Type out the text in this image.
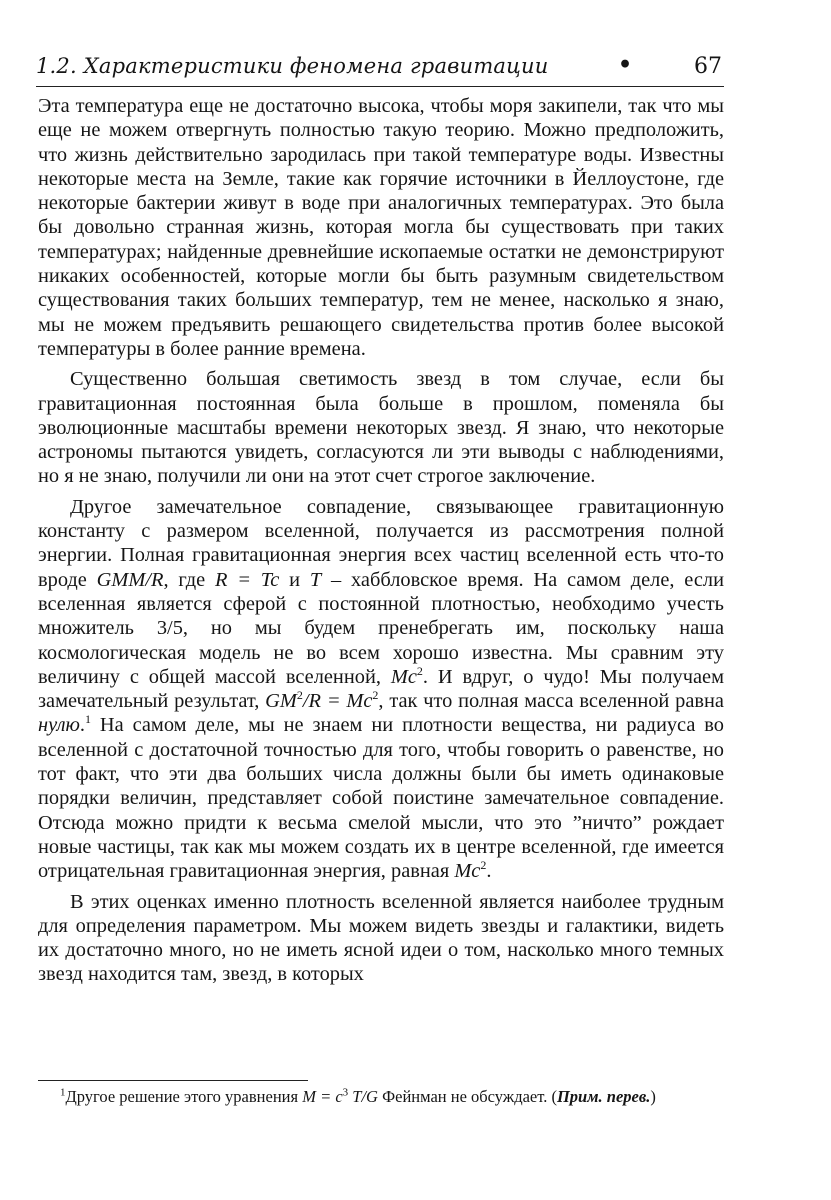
1.2. Характеристики феномена гравитации	•	67

Эта температура еще не достаточно высока, чтобы моря закипели, так что мы еще не можем отвергнуть полностью такую теорию. Можно предположить, что жизнь действительно зародилась при такой температуре воды. Известны некоторые места на Земле, такие как горячие источники в Йеллоустоне, где некоторые бактерии живут в воде при аналогичных температурах. Это была бы довольно странная жизнь, которая могла бы существовать при таких температурах; найденные древнейшие ископаемые остатки не демонстрируют никаких особенностей, которые могли бы быть разумным свидетельством существования таких больших температур, тем не менее, насколько я знаю, мы не можем предъявить решающего свидетельства против более высокой температуры в более ранние времена.

Существенно большая светимость звезд в том случае, если бы гравитационная постоянная была больше в прошлом, поменяла бы эволюционные масштабы времени некоторых звезд. Я знаю, что некоторые астрономы пытаются увидеть, согласуются ли эти выводы с наблюдениями, но я не знаю, получили ли они на этот счет строгое заключение.

Другое замечательное совпадение, связывающее гравитационную константу с размером вселенной, получается из рассмотрения полной энергии. Полная гравитационная энергия всех частиц вселенной есть что-то вроде GMM/R, где R = Tc и T – хаббловское время. На самом деле, если вселенная является сферой с постоянной плотностью, необходимо учесть множитель 3/5, но мы будем пренебрегать им, поскольку наша космологическая модель не во всем хорошо известна. Мы сравним эту величину с общей массой вселенной, Mc$^2$. И вдруг, о чудо! Мы получаем замечательный результат, $GM^2/R = Mc^2$, так что полная масса вселенной равна нулю.$^1$ На самом деле, мы не знаем ни плотности вещества, ни радиуса во вселенной с достаточной точностью для того, чтобы говорить о равенстве, но тот факт, что эти два больших числа должны были бы иметь одинаковые порядки величин, представляет собой поистине замечательное совпадение. Отсюда можно придти к весьма смелой мысли, что это ”ничто” рождает новые частицы, так как мы можем создать их в центре вселенной, где имеется отрицательная гравитационная энергия, равная Mc$^2$.

В этих оценках именно плотность вселенной является наиболее трудным для определения параметром. Мы можем видеть звезды и галактики, видеть их достаточно много, но не иметь ясной идеи о том, насколько много темных звезд находится там, звезд, в которых

$^1$Другое решение этого уравнения $M = c^3$ T/G Фейнман не обсуждает. (Прим. перев.)
